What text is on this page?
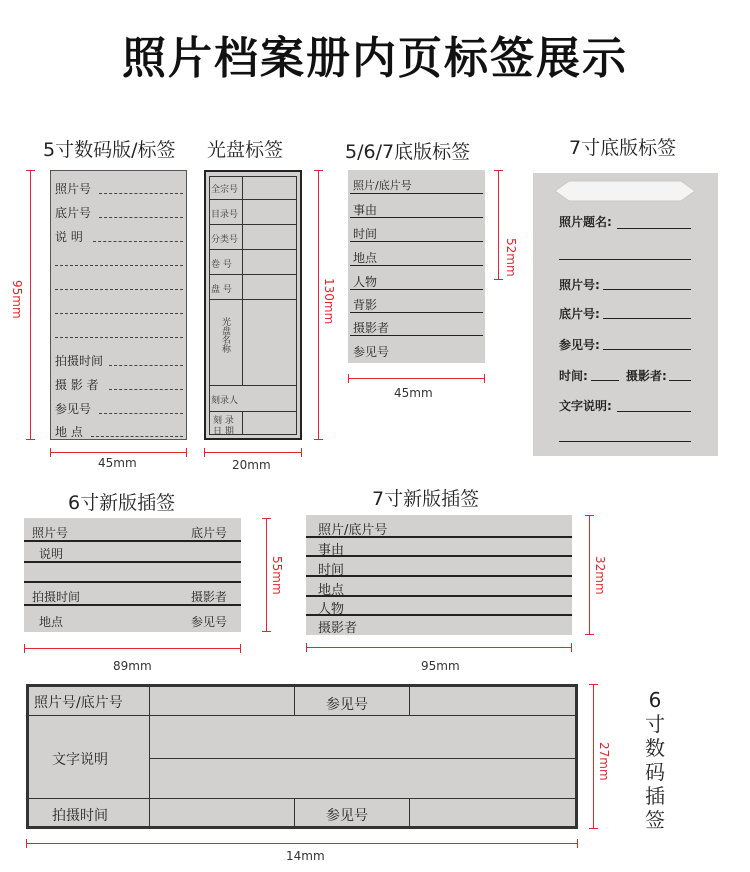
照片档案册内页标签展示
5寸数码版/标签
照片号
底片号
说 明
拍摄时间
摄 影 者
参见号
地 点
95mm
45mm
光盘标签
全宗号
目录号
分类号
卷 号
盘 号
光盘名称
刻录人
刻 录
日 期
20mm
130mm
5/6/7底版标签
照片/底片号
事由
时间
地点
人物
背影
摄影者
参见号
52mm
45mm
7寸底版标签
照片题名:
照片号:
底片号:
参见号:
时间:	摄影者:
文字说明:
6寸新版插签
照片号	底片号
说明
拍摄时间	摄影者
地点	参见号
55mm
89mm
7寸新版插签
照片/底片号
事由
时间
地点
人物
摄影者
32mm
95mm
照片号/底片号	参见号
文字说明
拍摄时间	参见号
27mm
14mm
6寸数码插签
